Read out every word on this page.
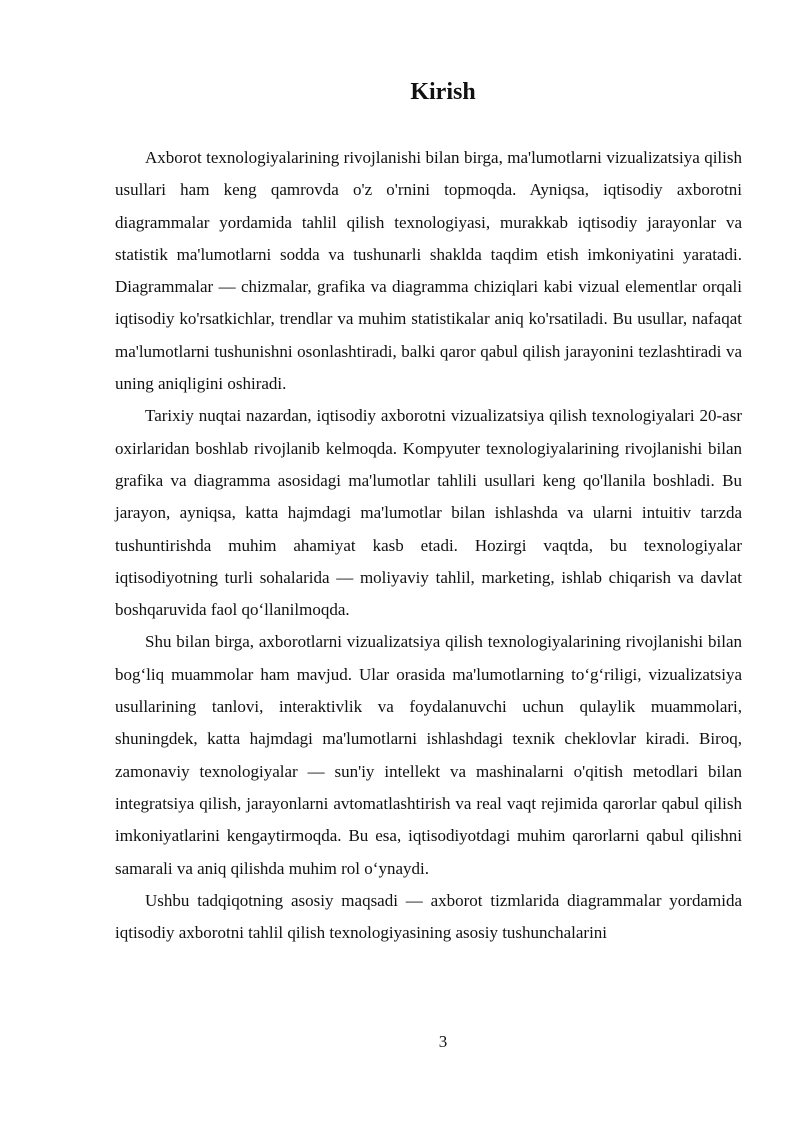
Kirish

Axborot texnologiyalarining rivojlanishi bilan birga, ma'lumotlarni vizualizatsiya qilish usullari ham keng qamrovda o'z o'rnini topmoqda. Ayniqsa, iqtisodiy axborotni diagrammalar yordamida tahlil qilish texnologiyasi, murakkab iqtisodiy jarayonlar va statistik ma'lumotlarni sodda va tushunarli shaklda taqdim etish imkoniyatini yaratadi. Diagrammalar — chizmalar, grafika va diagramma chiziqlari kabi vizual elementlar orqali iqtisodiy ko'rsatkichlar, trendlar va muhim statistikalar aniq ko'rsatiladi. Bu usullar, nafaqat ma'lumotlarni tushunishni osonlashtiradi, balki qaror qabul qilish jarayonini tezlashtiradi va uning aniqligini oshiradi.

Tarixiy nuqtai nazardan, iqtisodiy axborotni vizualizatsiya qilish texnologiyalari 20-asr oxirlaridan boshlab rivojlanib kelmoqda. Kompyuter texnologiyalarining rivojlanishi bilan grafika va diagramma asosidagi ma'lumotlar tahlili usullari keng qo'llanila boshladi. Bu jarayon, ayniqsa, katta hajmdagi ma'lumotlar bilan ishlashda va ularni intuitiv tarzda tushuntirishda muhim ahamiyat kasb etadi. Hozirgi vaqtda, bu texnologiyalar iqtisodiyotning turli sohalarida — moliyaviy tahlil, marketing, ishlab chiqarish va davlat boshqaruvida faol qo‘llanilmoqda.

Shu bilan birga, axborotlarni vizualizatsiya qilish texnologiyalarining rivojlanishi bilan bog‘liq muammolar ham mavjud. Ular orasida ma'lumotlarning to‘g‘riligi, vizualizatsiya usullarining tanlovi, interaktivlik va foydalanuvchi uchun qulaylik muammolari, shuningdek, katta hajmdagi ma'lumotlarni ishlashdagi texnik cheklovlar kiradi. Biroq, zamonaviy texnologiyalar — sun'iy intellekt va mashinalarni o'qitish metodlari bilan integratsiya qilish, jarayonlarni avtomatlashtirish va real vaqt rejimida qarorlar qabul qilish imkoniyatlarini kengaytirmoqda. Bu esa, iqtisodiyotdagi muhim qarorlarni qabul qilishni samarali va aniq qilishda muhim rol o‘ynaydi.

Ushbu tadqiqotning asosiy maqsadi — axborot tizmlarida diagrammalar yordamida iqtisodiy axborotni tahlil qilish texnologiyasining asosiy tushunchalarini

3
